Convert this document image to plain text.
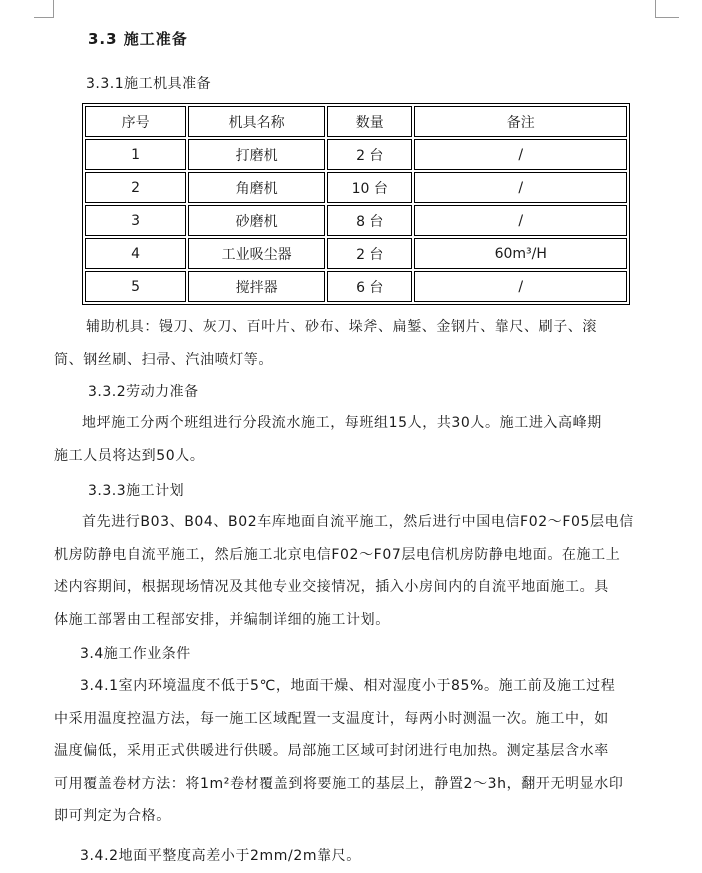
3.3 施工准备
3.3.1施工机具准备
序号	机具名称	数量	备注
1	打磨机	2 台	/
2	角磨机	10 台	/
3	砂磨机	8 台	/
4	工业吸尘器	2 台	60m³/H
5	搅拌器	6 台	/
辅助机具：镘刀、灰刀、百叶片、砂布、垛斧、扁錾、金钢片、靠尺、刷子、滚
筒、钢丝刷、扫帚、汽油喷灯等。
3.3.2劳动力准备
地坪施工分两个班组进行分段流水施工，每班组15人，共30人。施工进入高峰期
施工人员将达到50人。
3.3.3施工计划
首先进行B03、B04、B02车库地面自流平施工，然后进行中国电信F02～F05层电信
机房防静电自流平施工，然后施工北京电信F02～F07层电信机房防静电地面。在施工上
述内容期间，根据现场情况及其他专业交接情况，插入小房间内的自流平地面施工。具
体施工部署由工程部安排，并编制详细的施工计划。
3.4施工作业条件
3.4.1室内环境温度不低于5℃，地面干燥、相对湿度小于85%。施工前及施工过程
中采用温度控温方法，每一施工区域配置一支温度计，每两小时测温一次。施工中，如
温度偏低，采用正式供暖进行供暖。局部施工区域可封闭进行电加热。测定基层含水率
可用覆盖卷材方法：将1m²卷材覆盖到将要施工的基层上，静置2～3h，翻开无明显水印
即可判定为合格。
3.4.2地面平整度高差小于2mm/2m靠尺。
